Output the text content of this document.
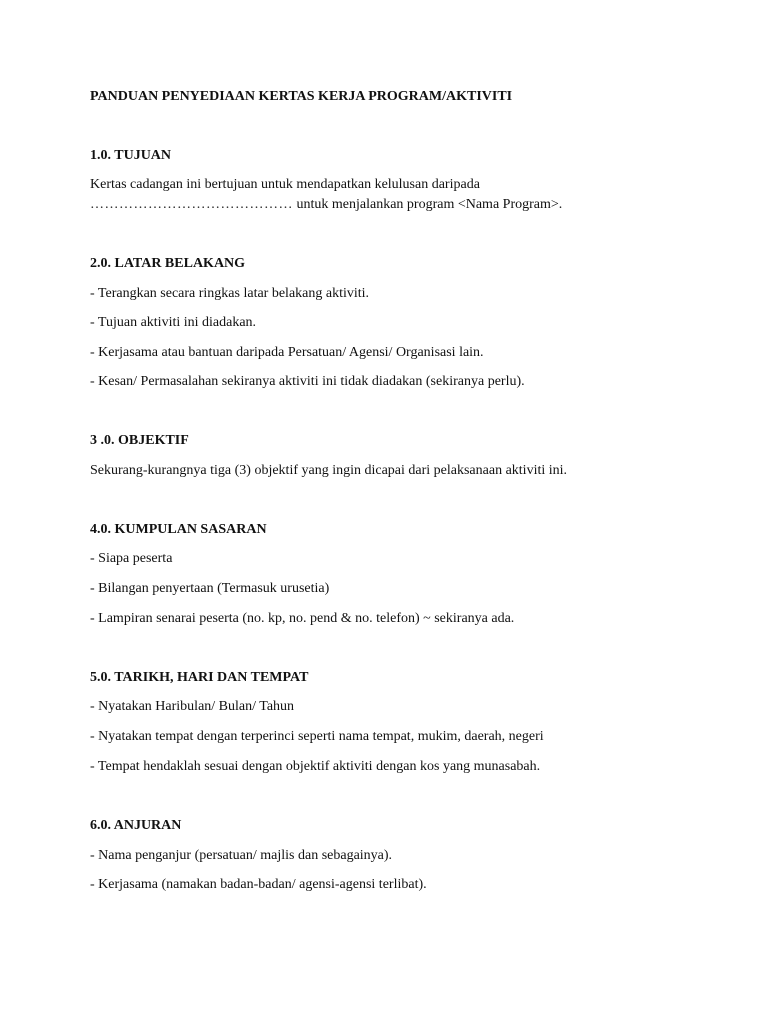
PANDUAN PENYEDIAAN KERTAS KERJA PROGRAM/AKTIVITI
1.0. TUJUAN
Kertas cadangan ini bertujuan untuk mendapatkan kelulusan daripada
…………………………………… untuk menjalankan program <Nama Program>.
2.0. LATAR BELAKANG
- Terangkan secara ringkas latar belakang aktiviti.
- Tujuan aktiviti ini diadakan.
- Kerjasama atau bantuan daripada Persatuan/ Agensi/ Organisasi lain.
- Kesan/ Permasalahan sekiranya aktiviti ini tidak diadakan (sekiranya perlu).
3 .0. OBJEKTIF
Sekurang-kurangnya tiga (3) objektif yang ingin dicapai dari pelaksanaan aktiviti ini.
4.0. KUMPULAN SASARAN
- Siapa peserta
- Bilangan penyertaan (Termasuk urusetia)
- Lampiran senarai peserta (no. kp, no. pend & no. telefon) ~ sekiranya ada.
5.0. TARIKH, HARI DAN TEMPAT
- Nyatakan Haribulan/ Bulan/ Tahun
- Nyatakan tempat dengan terperinci seperti nama tempat, mukim, daerah, negeri
- Tempat hendaklah sesuai dengan objektif aktiviti dengan kos yang munasabah.
6.0. ANJURAN
- Nama penganjur (persatuan/ majlis dan sebagainya).
- Kerjasama (namakan badan-badan/ agensi-agensi terlibat).
